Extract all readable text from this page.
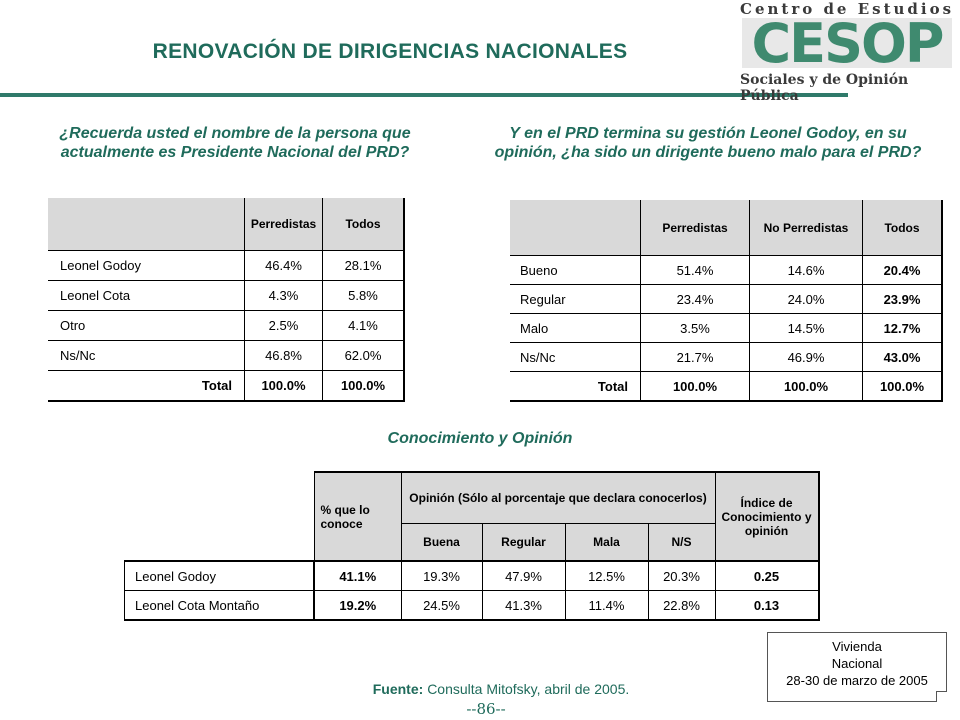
RENOVACIÓN DE DIRIGENCIAS NACIONALES
Centro de Estudios
CESOP
Sociales y de Opinión Pública
¿Recuerda usted el nombre de la persona que actualmente es Presidente Nacional del PRD?
	Perredistas	Todos
Leonel Godoy	46.4%	28.1%
Leonel Cota	4.3%	5.8%
Otro	2.5%	4.1%
Ns/Nc	46.8%	62.0%
Total	100.0%	100.0%
Y en el PRD termina su gestión Leonel Godoy, en su opinión, ¿ha sido un dirigente bueno malo para el PRD?
	Perredistas	No Perredistas	Todos
Bueno	51.4%	14.6%	20.4%
Regular	23.4%	24.0%	23.9%
Malo	3.5%	14.5%	12.7%
Ns/Nc	21.7%	46.9%	43.0%
Total	100.0%	100.0%	100.0%
Conocimiento y Opinión
	% que lo conoce	Opinión (Sólo al porcentaje que declara conocerlos)				Índice de Conocimiento y opinión
		Buena	Regular	Mala	N/S	
Leonel Godoy	41.1%	19.3%	47.9%	12.5%	20.3%	0.25
Leonel Cota Montaño	19.2%	24.5%	41.3%	11.4%	22.8%	0.13
Fuente: Consulta Mitofsky, abril de 2005.
--86--
Vivienda
Nacional
28-30 de marzo de 2005
